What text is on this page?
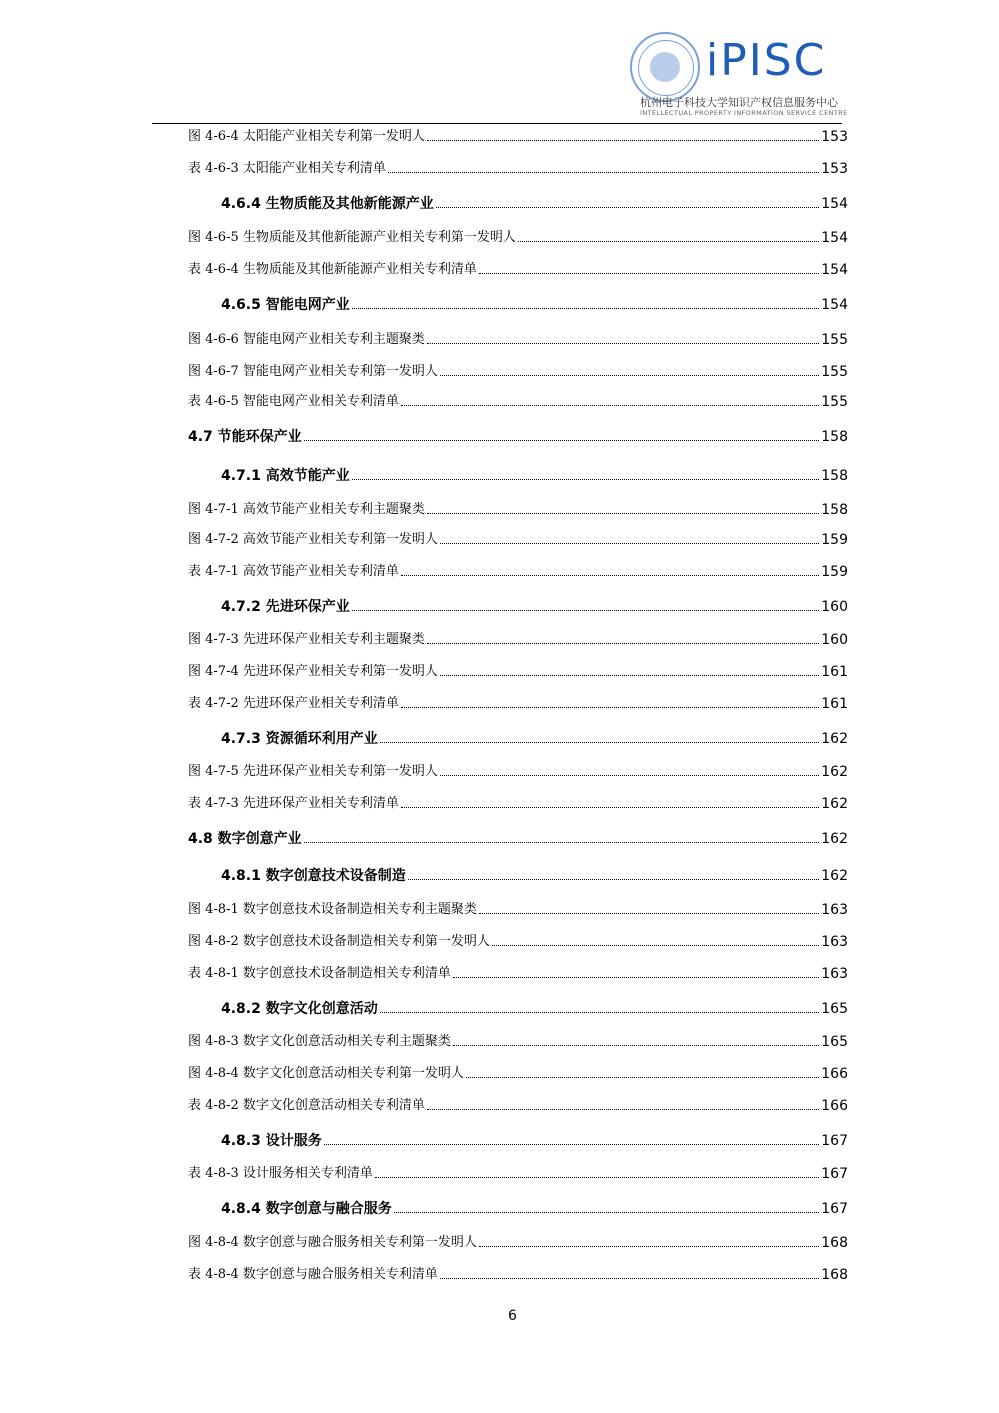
iPISC
杭州电子科技大学知识产权信息服务中心
INTELLECTUAL PROPERTY INFORMATION SERVICE CENTRE
图 4-6-4 太阳能产业相关专利第一发明人	153
表 4-6-3 太阳能产业相关专利清单	153
4.6.4 生物质能及其他新能源产业	154
图 4-6-5 生物质能及其他新能源产业相关专利第一发明人	154
表 4-6-4 生物质能及其他新能源产业相关专利清单	154
4.6.5 智能电网产业	154
图 4-6-6 智能电网产业相关专利主题聚类	155
图 4-6-7 智能电网产业相关专利第一发明人	155
表 4-6-5 智能电网产业相关专利清单	155
4.7 节能环保产业	158
4.7.1 高效节能产业	158
图 4-7-1 高效节能产业相关专利主题聚类	158
图 4-7-2 高效节能产业相关专利第一发明人	159
表 4-7-1 高效节能产业相关专利清单	159
4.7.2 先进环保产业	160
图 4-7-3 先进环保产业相关专利主题聚类	160
图 4-7-4 先进环保产业相关专利第一发明人	161
表 4-7-2 先进环保产业相关专利清单	161
4.7.3 资源循环利用产业	162
图 4-7-5 先进环保产业相关专利第一发明人	162
表 4-7-3 先进环保产业相关专利清单	162
4.8 数字创意产业	162
4.8.1 数字创意技术设备制造	162
图 4-8-1 数字创意技术设备制造相关专利主题聚类	163
图 4-8-2 数字创意技术设备制造相关专利第一发明人	163
表 4-8-1 数字创意技术设备制造相关专利清单	163
4.8.2 数字文化创意活动	165
图 4-8-3 数字文化创意活动相关专利主题聚类	165
图 4-8-4 数字文化创意活动相关专利第一发明人	166
表 4-8-2 数字文化创意活动相关专利清单	166
4.8.3 设计服务	167
表 4-8-3 设计服务相关专利清单	167
4.8.4 数字创意与融合服务	167
图 4-8-4 数字创意与融合服务相关专利第一发明人	168
表 4-8-4 数字创意与融合服务相关专利清单	168
6
